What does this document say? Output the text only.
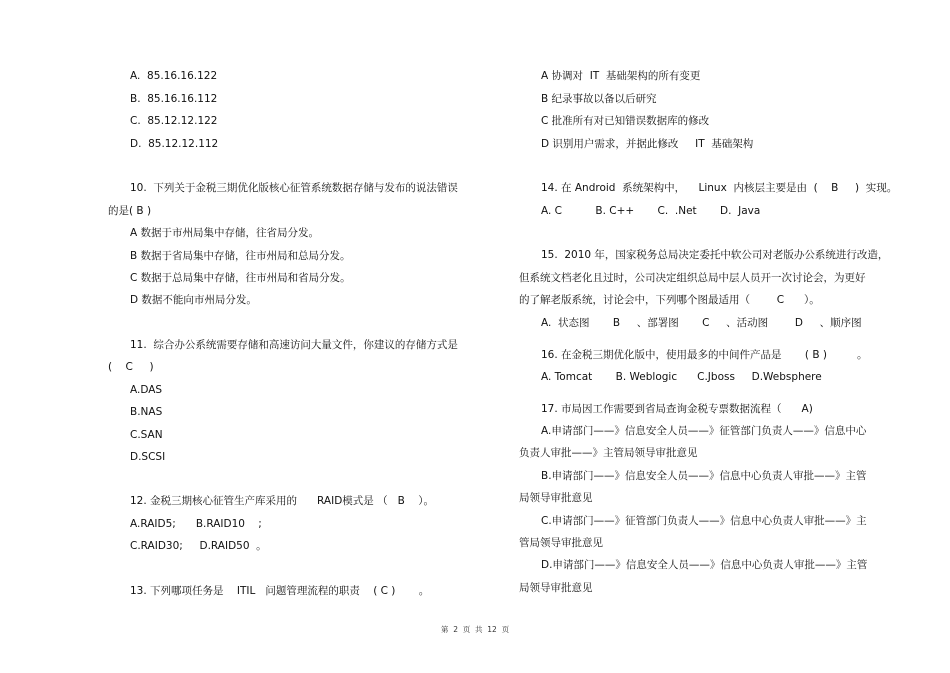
A.  85.16.16.122
B.  85.16.16.112
C.  85.12.12.122
D.  85.12.12.112
10.  下列关于金税三期优化版核心征管系统数据存储与发布的说法错误
的是( B )
A 数据于市州局集中存储，往省局分发。
B 数据于省局集中存储，往市州局和总局分发。
C 数据于总局集中存储，往市州局和省局分发。
D 数据不能向市州局分发。
11.  综合办公系统需要存储和高速访问大量文件，你建议的存储方式是
(    C     )
A.DAS
B.NAS
C.SAN
D.SCSI
12. 金税三期核心征管生产库采用的      RAID模式是 （   B    ）。
A.RAID5;      B.RAID10    ;
C.RAID30;     D.RAID50  。
13. 下列哪项任务是    ITIL   问题管理流程的职责    ( C )       。
A 协调对  IT  基础架构的所有变更
B 纪录事故以备以后研究
C 批准所有对已知错误数据库的修改
D 识别用户需求，并据此修改     IT  基础架构
14. 在 Android  系统架构中，    Linux  内核层主要是由  (    B     )  实现。
A. C          B. C++       C.  .Net       D.  Java
15.  2010 年，国家税务总局决定委托中软公司对老版办公系统进行改造，
但系统文档老化且过时，公司决定组织总局中层人员开一次讨论会，为更好
的了解老版系统，讨论会中，下列哪个图最适用（        C      ）。
A.  状态图       B     、部署图       C     、活动图        D     、顺序图
16. 在金税三期优化版中，使用最多的中间件产品是       ( B )         。
A. Tomcat       B. Weblogic      C.Jboss     D.Websphere
17. 市局因工作需要到省局查询金税专票数据流程（      A)
A.申请部门——》信息安全人员——》征管部门负责人——》信息中心
负责人审批——》主管局领导审批意见
B.申请部门——》信息安全人员——》信息中心负责人审批——》主管
局领导审批意见
C.申请部门——》征管部门负责人——》信息中心负责人审批——》主
管局领导审批意见
D.申请部门——》信息安全人员——》信息中心负责人审批——》主管
局领导审批意见
第  2  页  共  12  页
